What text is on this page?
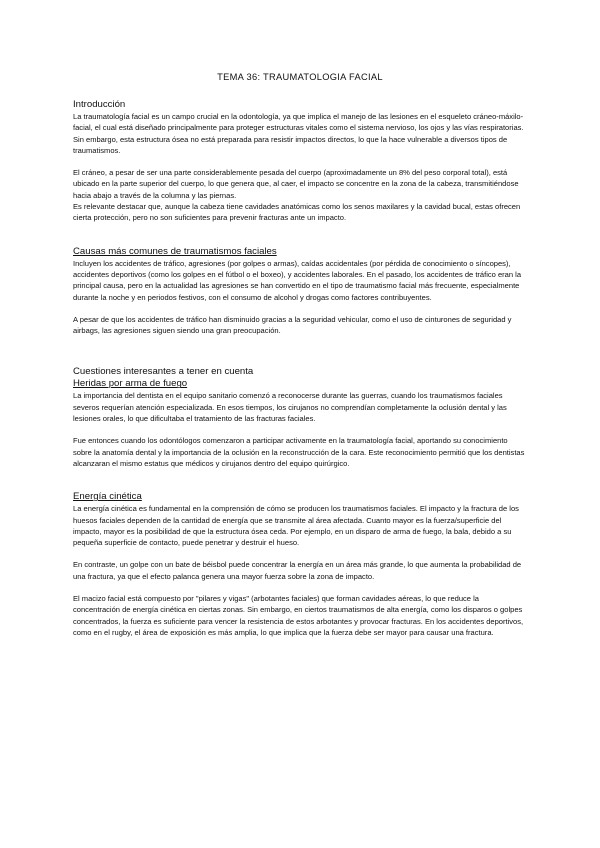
TEMA 36: TRAUMATOLOGIA FACIAL
Introducción

La traumatología facial es un campo crucial en la odontología, ya que implica el manejo de las lesiones en el esqueleto cráneo-máxilo-facial, el cual está diseñado principalmente para proteger estructuras vitales como el sistema nervioso, los ojos y las vías respiratorias. Sin embargo, esta estructura ósea no está preparada para resistir impactos directos, lo que la hace vulnerable a diversos tipos de traumatismos.

El cráneo, a pesar de ser una parte considerablemente pesada del cuerpo (aproximadamente un 8% del peso corporal total), está ubicado en la parte superior del cuerpo, lo que genera que, al caer, el impacto se concentre en la zona de la cabeza, transmitiéndose hacia abajo a través de la columna y las piernas.

Es relevante destacar que, aunque la cabeza tiene cavidades anatómicas como los senos maxilares y la cavidad bucal, estas ofrecen cierta protección, pero no son suficientes para prevenir fracturas ante un impacto.

Causas más comunes de traumatismos faciales

Incluyen los accidentes de tráfico, agresiones (por golpes o armas), caídas accidentales (por pérdida de conocimiento o síncopes), accidentes deportivos (como los golpes en el fútbol o el boxeo), y accidentes laborales. En el pasado, los accidentes de tráfico eran la principal causa, pero en la actualidad las agresiones se han convertido en el tipo de traumatismo facial más frecuente, especialmente durante la noche y en periodos festivos, con el consumo de alcohol y drogas como factores contribuyentes.

A pesar de que los accidentes de tráfico han disminuido gracias a la seguridad vehicular, como el uso de cinturones de seguridad y airbags, las agresiones siguen siendo una gran preocupación.

Cuestiones interesantes a tener en cuenta
Heridas por arma de fuego

La importancia del dentista en el equipo sanitario comenzó a reconocerse durante las guerras, cuando los traumatismos faciales severos requerían atención especializada. En esos tiempos, los cirujanos no comprendían completamente la oclusión dental y las lesiones orales, lo que dificultaba el tratamiento de las fracturas faciales.

Fue entonces cuando los odontólogos comenzaron a participar activamente en la traumatología facial, aportando su conocimiento sobre la anatomía dental y la importancia de la oclusión en la reconstrucción de la cara. Este reconocimiento permitió que los dentistas alcanzaran el mismo estatus que médicos y cirujanos dentro del equipo quirúrgico.

Energía cinética

La energía cinética es fundamental en la comprensión de cómo se producen los traumatismos faciales. El impacto y la fractura de los huesos faciales dependen de la cantidad de energía que se transmite al área afectada. Cuanto mayor es la fuerza/superficie del impacto, mayor es la posibilidad de que la estructura ósea ceda. Por ejemplo, en un disparo de arma de fuego, la bala, debido a su pequeña superficie de contacto, puede penetrar y destruir el hueso.

En contraste, un golpe con un bate de béisbol puede concentrar la energía en un área más grande, lo que aumenta la probabilidad de una fractura, ya que el efecto palanca genera una mayor fuerza sobre la zona de impacto.

El macizo facial está compuesto por "pilares y vigas" (arbotantes faciales) que forman cavidades aéreas, lo que reduce la concentración de energía cinética en ciertas zonas. Sin embargo, en ciertos traumatismos de alta energía, como los disparos o golpes concentrados, la fuerza es suficiente para vencer la resistencia de estos arbotantes y provocar fracturas. En los accidentes deportivos, como en el rugby, el área de exposición es más amplia, lo que implica que la fuerza debe ser mayor para causar una fractura.
